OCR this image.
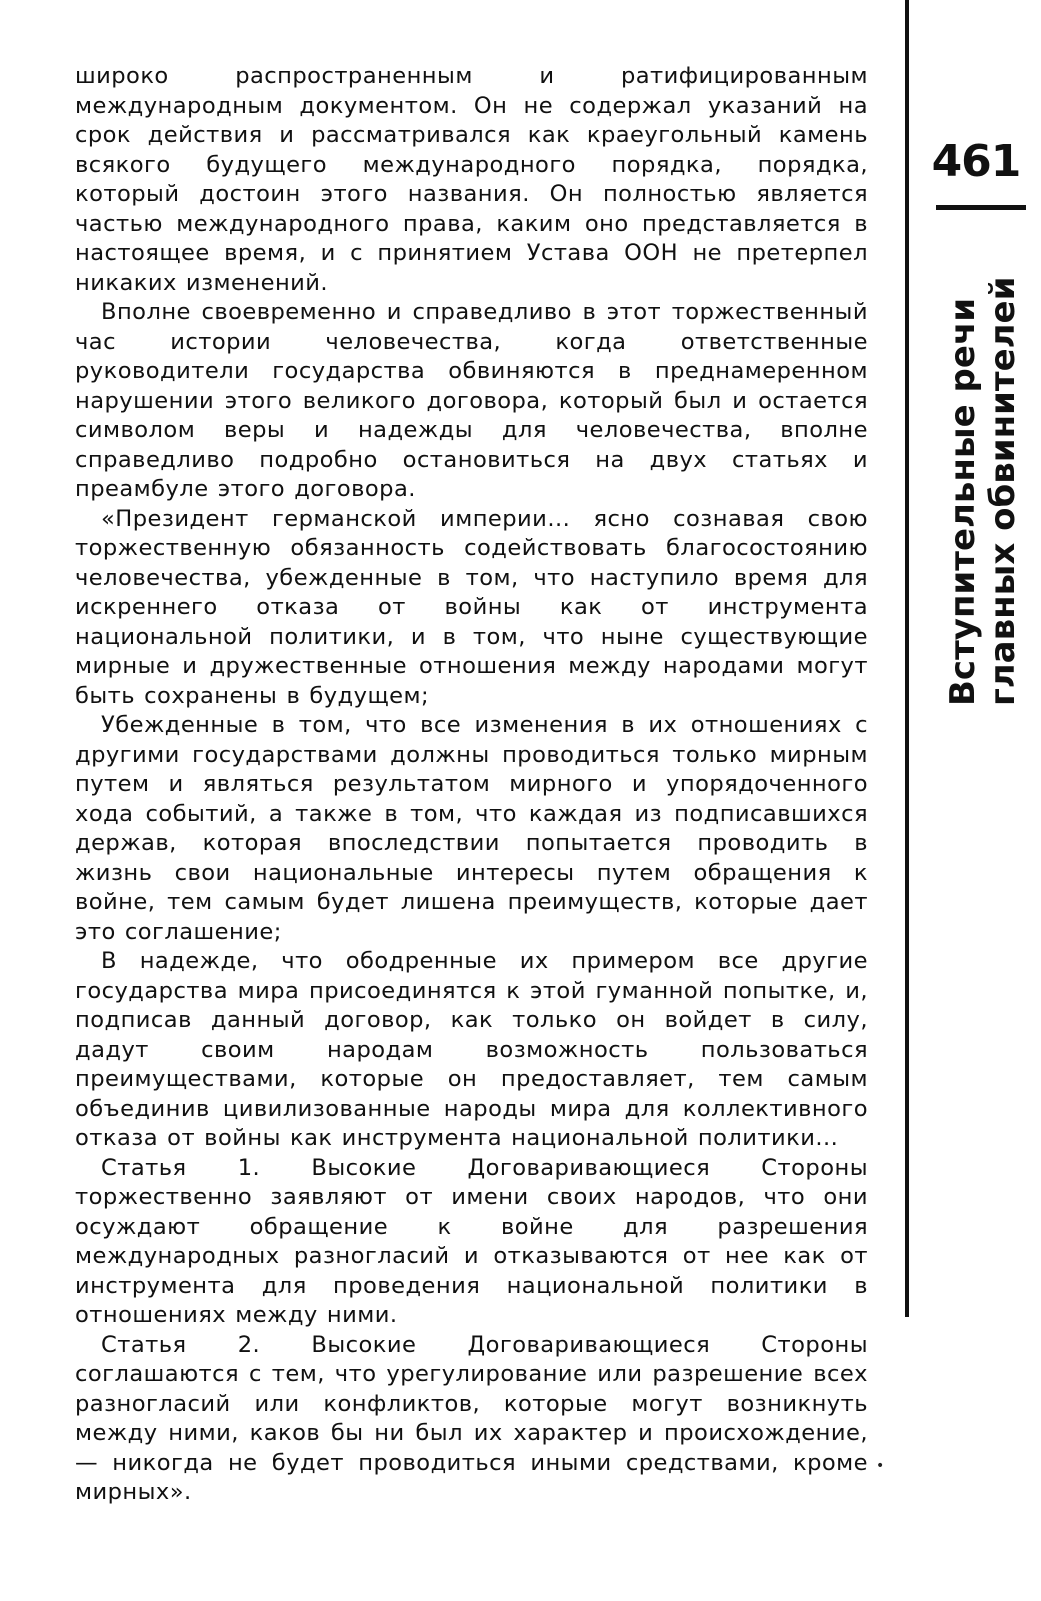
широко распространенным и ратифицированным международным документом. Он не содержал указаний на срок действия и рассматривался как краеугольный камень всякого будущего международного порядка, порядка, который достоин этого названия. Он полностью является частью международного права, каким оно представляется в настоящее время, и с принятием Устава ООН не претерпел никаких изменений.

Вполне своевременно и справедливо в этот торжественный час истории человечества, когда ответственные руководители государства обвиняются в преднамеренном нарушении этого великого договора, который был и остается символом веры и надежды для человечества, вполне справедливо подробно остановиться на двух статьях и преамбуле этого договора.

«Президент германской империи... ясно сознавая свою торжественную обязанность содействовать благосостоянию человечества, убежденные в том, что наступило время для искреннего отказа от войны как от инструмента национальной политики, и в том, что ныне существующие мирные и дружественные отношения между народами могут быть сохранены в будущем;

Убежденные в том, что все изменения в их отношениях с другими государствами должны проводиться только мирным путем и являться результатом мирного и упорядоченного хода событий, а также в том, что каждая из подписавшихся держав, которая впоследствии попытается проводить в жизнь свои национальные интересы путем обращения к войне, тем самым будет лишена преимуществ, которые дает это соглашение;

В надежде, что ободренные их примером все другие государства мира присоединятся к этой гуманной попытке, и, подписав данный договор, как только он войдет в силу, дадут своим народам возможность пользоваться преимуществами, которые он предоставляет, тем самым объединив цивилизованные народы мира для коллективного отказа от войны как инструмента национальной политики...

Статья 1. Высокие Договаривающиеся Стороны торжественно заявляют от имени своих народов, что они осуждают обращение к войне для разрешения международных разногласий и отказываются от нее как от инструмента для проведения национальной политики в отношениях между ними.

Статья 2. Высокие Договаривающиеся Стороны соглашаются с тем, что урегулирование или разрешение всех разногласий или конфликтов, которые могут возникнуть между ними, каков бы ни был их характер и происхождение, — никогда не будет проводиться иными средствами, кроме мирных».

461
Вступительные речи главных обвинителей
•
